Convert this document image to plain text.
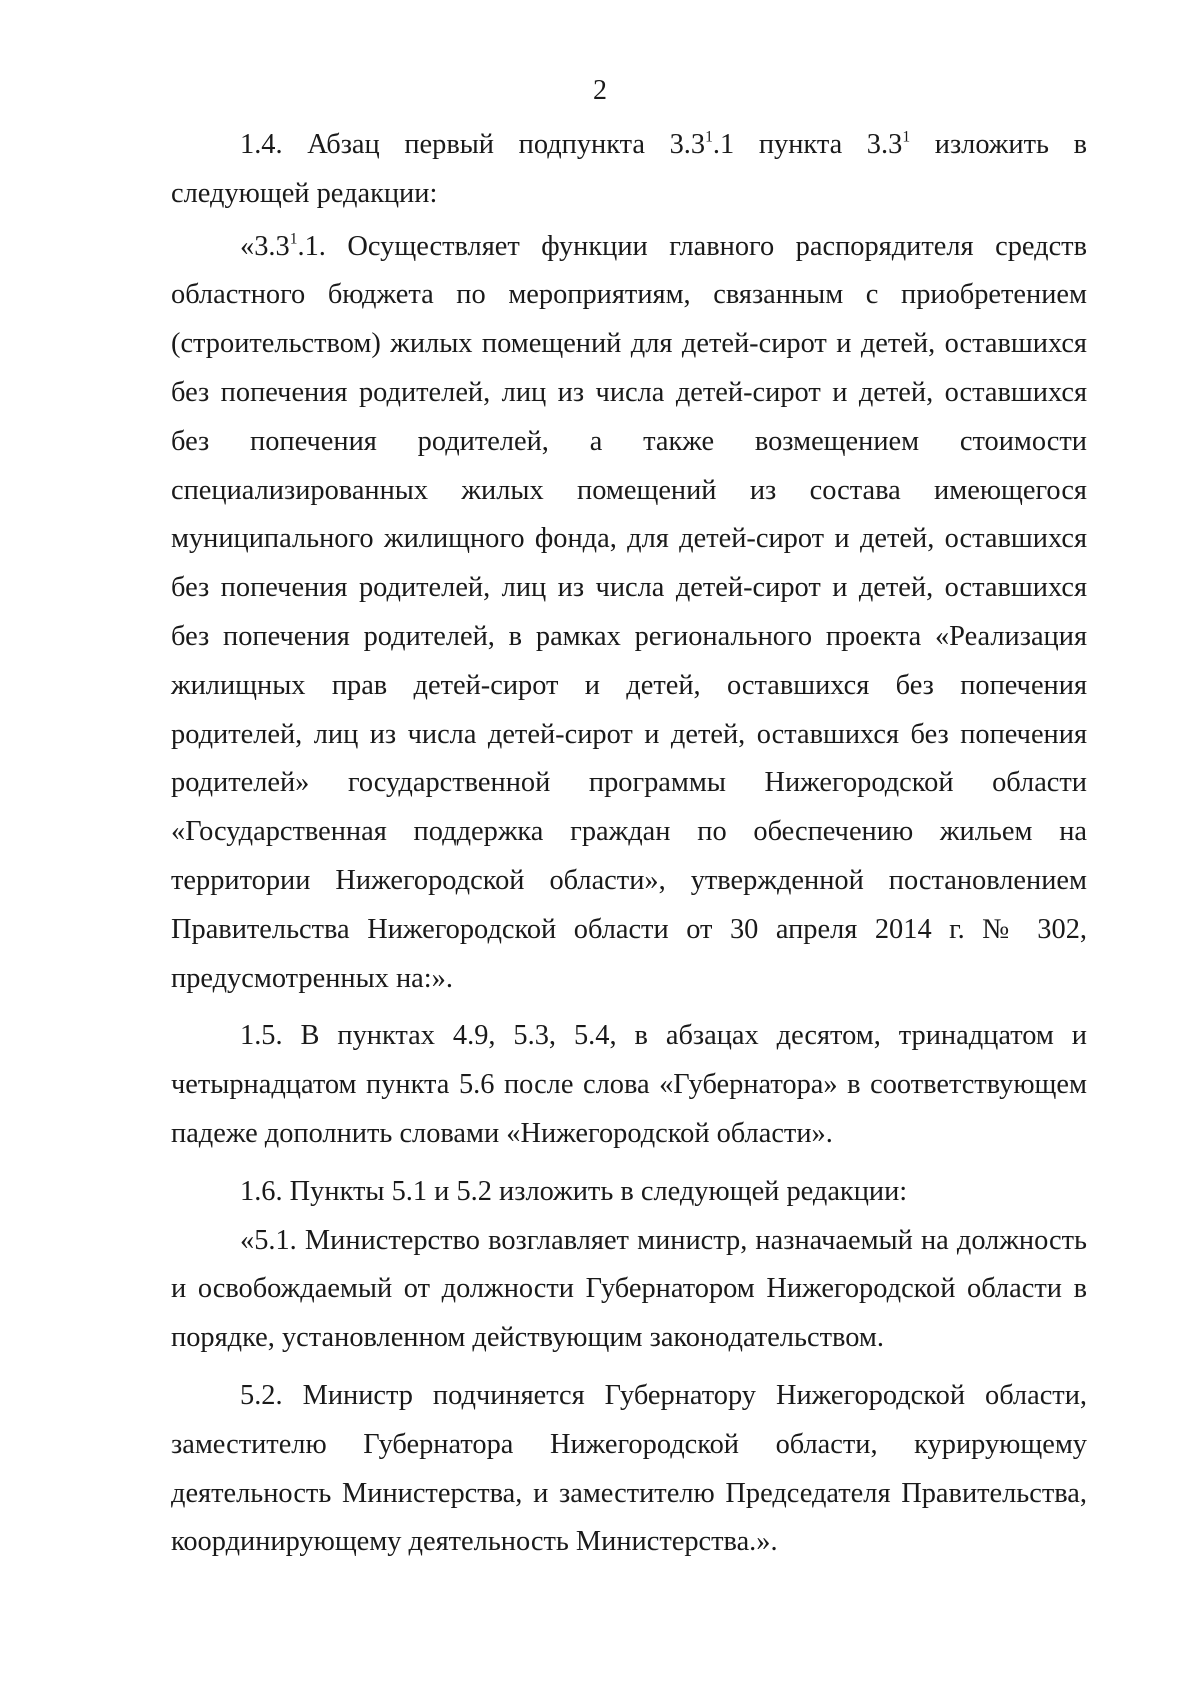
2

1.4. Абзац первый подпункта $3.3^1.1$ пункта $3.3^1$ изложить в следующей редакции:

«$3.3^1.1$. Осуществляет функции главного распорядителя средств областного бюджета по мероприятиям, связанным с приобретением (строительством) жилых помещений для детей-сирот и детей, оставшихся без попечения родителей, лиц из числа детей-сирот и детей, оставшихся без попечения родителей, а также возмещением стоимости специализированных жилых помещений из состава имеющегося муниципального жилищного фонда, для детей-сирот и детей, оставшихся без попечения родителей, лиц из числа детей-сирот и детей, оставшихся без попечения родителей, в рамках регионального проекта «Реализация жилищных прав детей-сирот и детей, оставшихся без попечения родителей, лиц из числа детей-сирот и детей, оставшихся без попечения родителей» государственной программы Нижегородской области «Государственная поддержка граждан по обеспечению жильем на территории Нижегородской области», утвержденной постановлением Правительства Нижегородской области от 30 апреля 2014 г. № 302, предусмотренных на:».

1.5. В пунктах 4.9, 5.3, 5.4, в абзацах десятом, тринадцатом и четырнадцатом пункта 5.6 после слова «Губернатора» в соответствующем падеже дополнить словами «Нижегородской области».

1.6. Пункты 5.1 и 5.2 изложить в следующей редакции:

«5.1. Министерство возглавляет министр, назначаемый на должность и освобождаемый от должности Губернатором Нижегородской области в порядке, установленном действующим законодательством.

5.2. Министр подчиняется Губернатору Нижегородской области, заместителю Губернатора Нижегородской области, курирующему деятельность Министерства, и заместителю Председателя Правительства, координирующему деятельность Министерства.».
